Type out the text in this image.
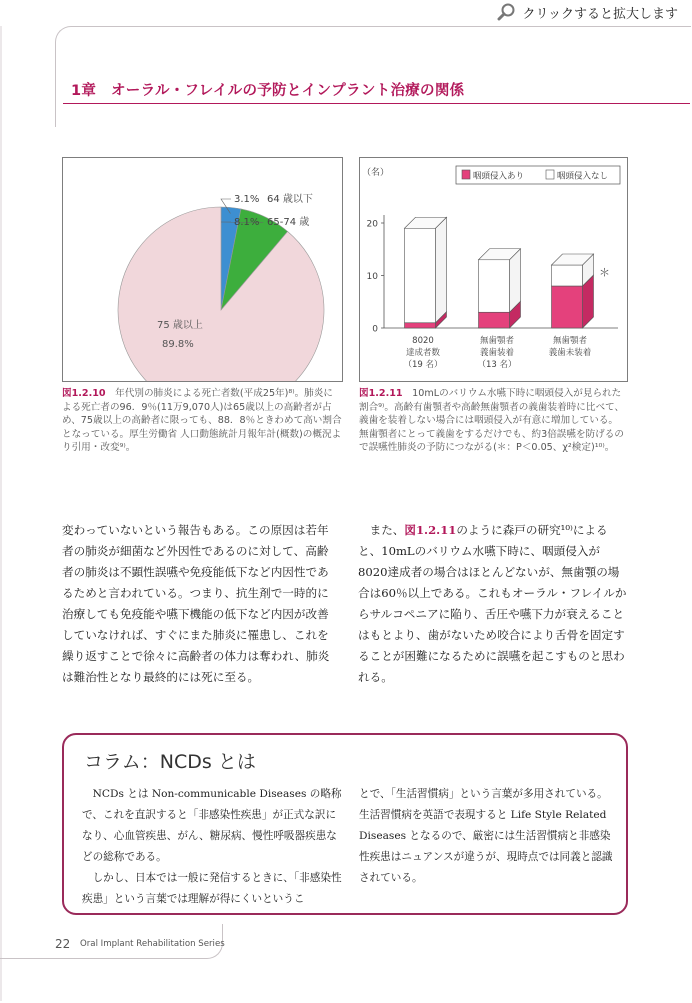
クリックすると拡大します
1章　オーラル・フレイルの予防とインプラント治療の関係
3.1% 64 歳以下
8.1% 65-74 歳
75 歳以上
89.8%
（名）
0
10
20
咽頭侵入あり	咽頭侵入なし
8020
達成者数
（19 名）
無歯顎者
義歯装着
（13 名）
無歯顎者
義歯未装着
＊
図1.2.10　年代別の肺炎による死亡者数(平成25年)⁸⁾。肺炎による死亡者の96．9％(11万9,070人)は65歳以上の高齢者が占め、75歳以上の高齢者に限っても、88．8％ときわめて高い割合となっている。厚生労働省 人口動態統計月報年計(概数)の概況より引用・改変⁹⁾。
図1.2.11　10mLのバリウム水嚥下時に咽頭侵入が見られた割合⁹⁾。高齢有歯顎者や高齢無歯顎者の義歯装着時に比べて、義歯を装着しない場合には咽頭侵入が有意に増加している。無歯顎者にとって義歯をするだけでも、約3倍誤嚥を防げるので誤嚥性肺炎の予防につながる(＊：P＜0.05、χ²検定)¹⁰⁾。
変わっていないという報告もある。この原因は若年者の肺炎が細菌など外因性であるのに対して、高齢者の肺炎は不顕性誤嚥や免疫能低下など内因性であるためと言われている。つまり、抗生剤で一時的に治療しても免疫能や嚥下機能の低下など内因が改善していなければ、すぐにまた肺炎に罹患し、これを繰り返すことで徐々に高齢者の体力は奪われ、肺炎は難治性となり最終的には死に至る。
　また、図1.2.11のように森戸の研究¹⁰⁾によると、10mLのバリウム水嚥下時に、咽頭侵入が8020達成者の場合はほとんどないが、無歯顎の場合は60％以上である。これもオーラル・フレイルからサルコペニアに陥り、舌圧や嚥下力が衰えることはもとより、歯がないため咬合により舌骨を固定することが困難になるために誤嚥を起こすものと思われる。
コラム：NCDs とは
　NCDs とは Non-communicable Diseases の略称で、これを直訳すると「非感染性疾患」が正式な訳になり、心血管疾患、がん、糖尿病、慢性呼吸器疾患などの総称である。
　しかし、日本では一般に発信するときに、「非感染性疾患」という言葉では理解が得にくいというこ
とで、「生活習慣病」という言葉が多用されている。生活習慣病を英語で表現すると Life Style Related Diseases となるので、厳密には生活習慣病と非感染性疾患はニュアンスが違うが、現時点では同義と認識されている。
22 Oral Implant Rehabilitation Series
